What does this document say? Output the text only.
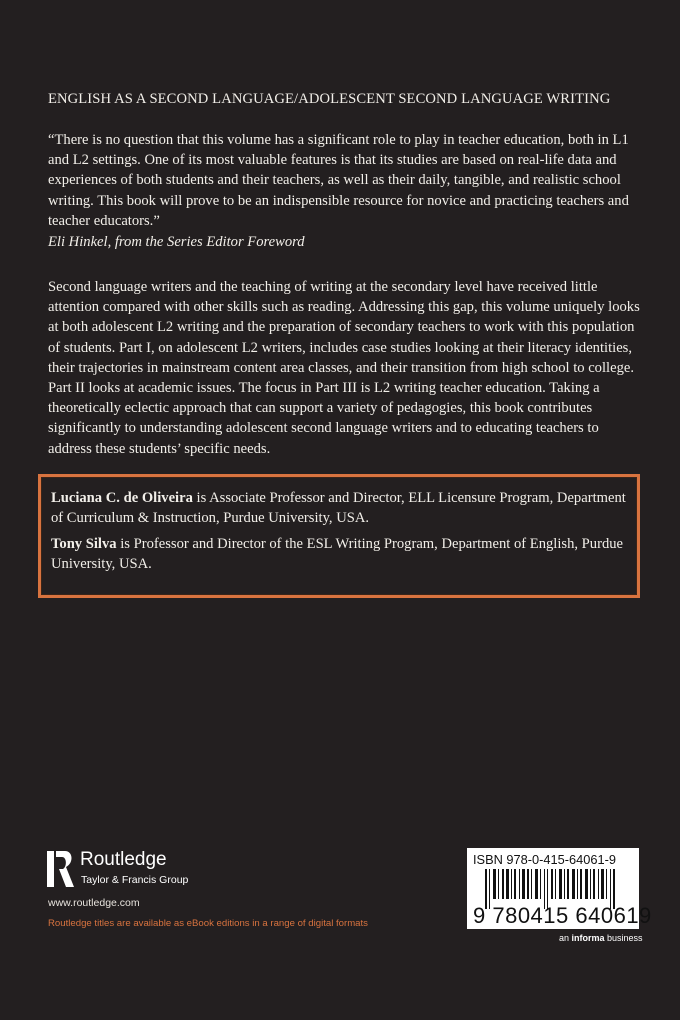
ENGLISH AS A SECOND LANGUAGE/ADOLESCENT SECOND LANGUAGE WRITING

“There is no question that this volume has a significant role to play in teacher education, both in L1 and L2 settings. One of its most valuable features is that its studies are based on real-life data and experiences of both students and their teachers, as well as their daily, tangible, and realistic school writing. This book will prove to be an indispensible resource for novice and practicing teachers and teacher educators.”

Eli Hinkel, from the Series Editor Foreword
Second language writers and the teaching of writing at the secondary level have received little attention compared with other skills such as reading. Addressing this gap, this volume uniquely looks at both adolescent L2 writing and the preparation of secondary teachers to work with this population of students. Part I, on adolescent L2 writers, includes case studies looking at their literacy identities, their trajectories in mainstream content area classes, and their transition from high school to college. Part II looks at academic issues. The focus in Part III is L2 writing teacher education. Taking a theoretically eclectic approach that can support a variety of pedagogies, this book contributes significantly to understanding adolescent second language writers and to educating teachers to address these students’ specific needs.

Luciana C. de Oliveira is Associate Professor and Director, ELL Licensure Program, Department of Curriculum & Instruction, Purdue University, USA.

Tony Silva is Professor and Director of the ESL Writing Program, Department of English, Purdue University, USA.

Routledge
Taylor & Francis Group
www.routledge.com
Routledge titles are available as eBook editions in a range of digital formats
ISBN 978-0-415-64061-9
9 780415 640619
an informa business
